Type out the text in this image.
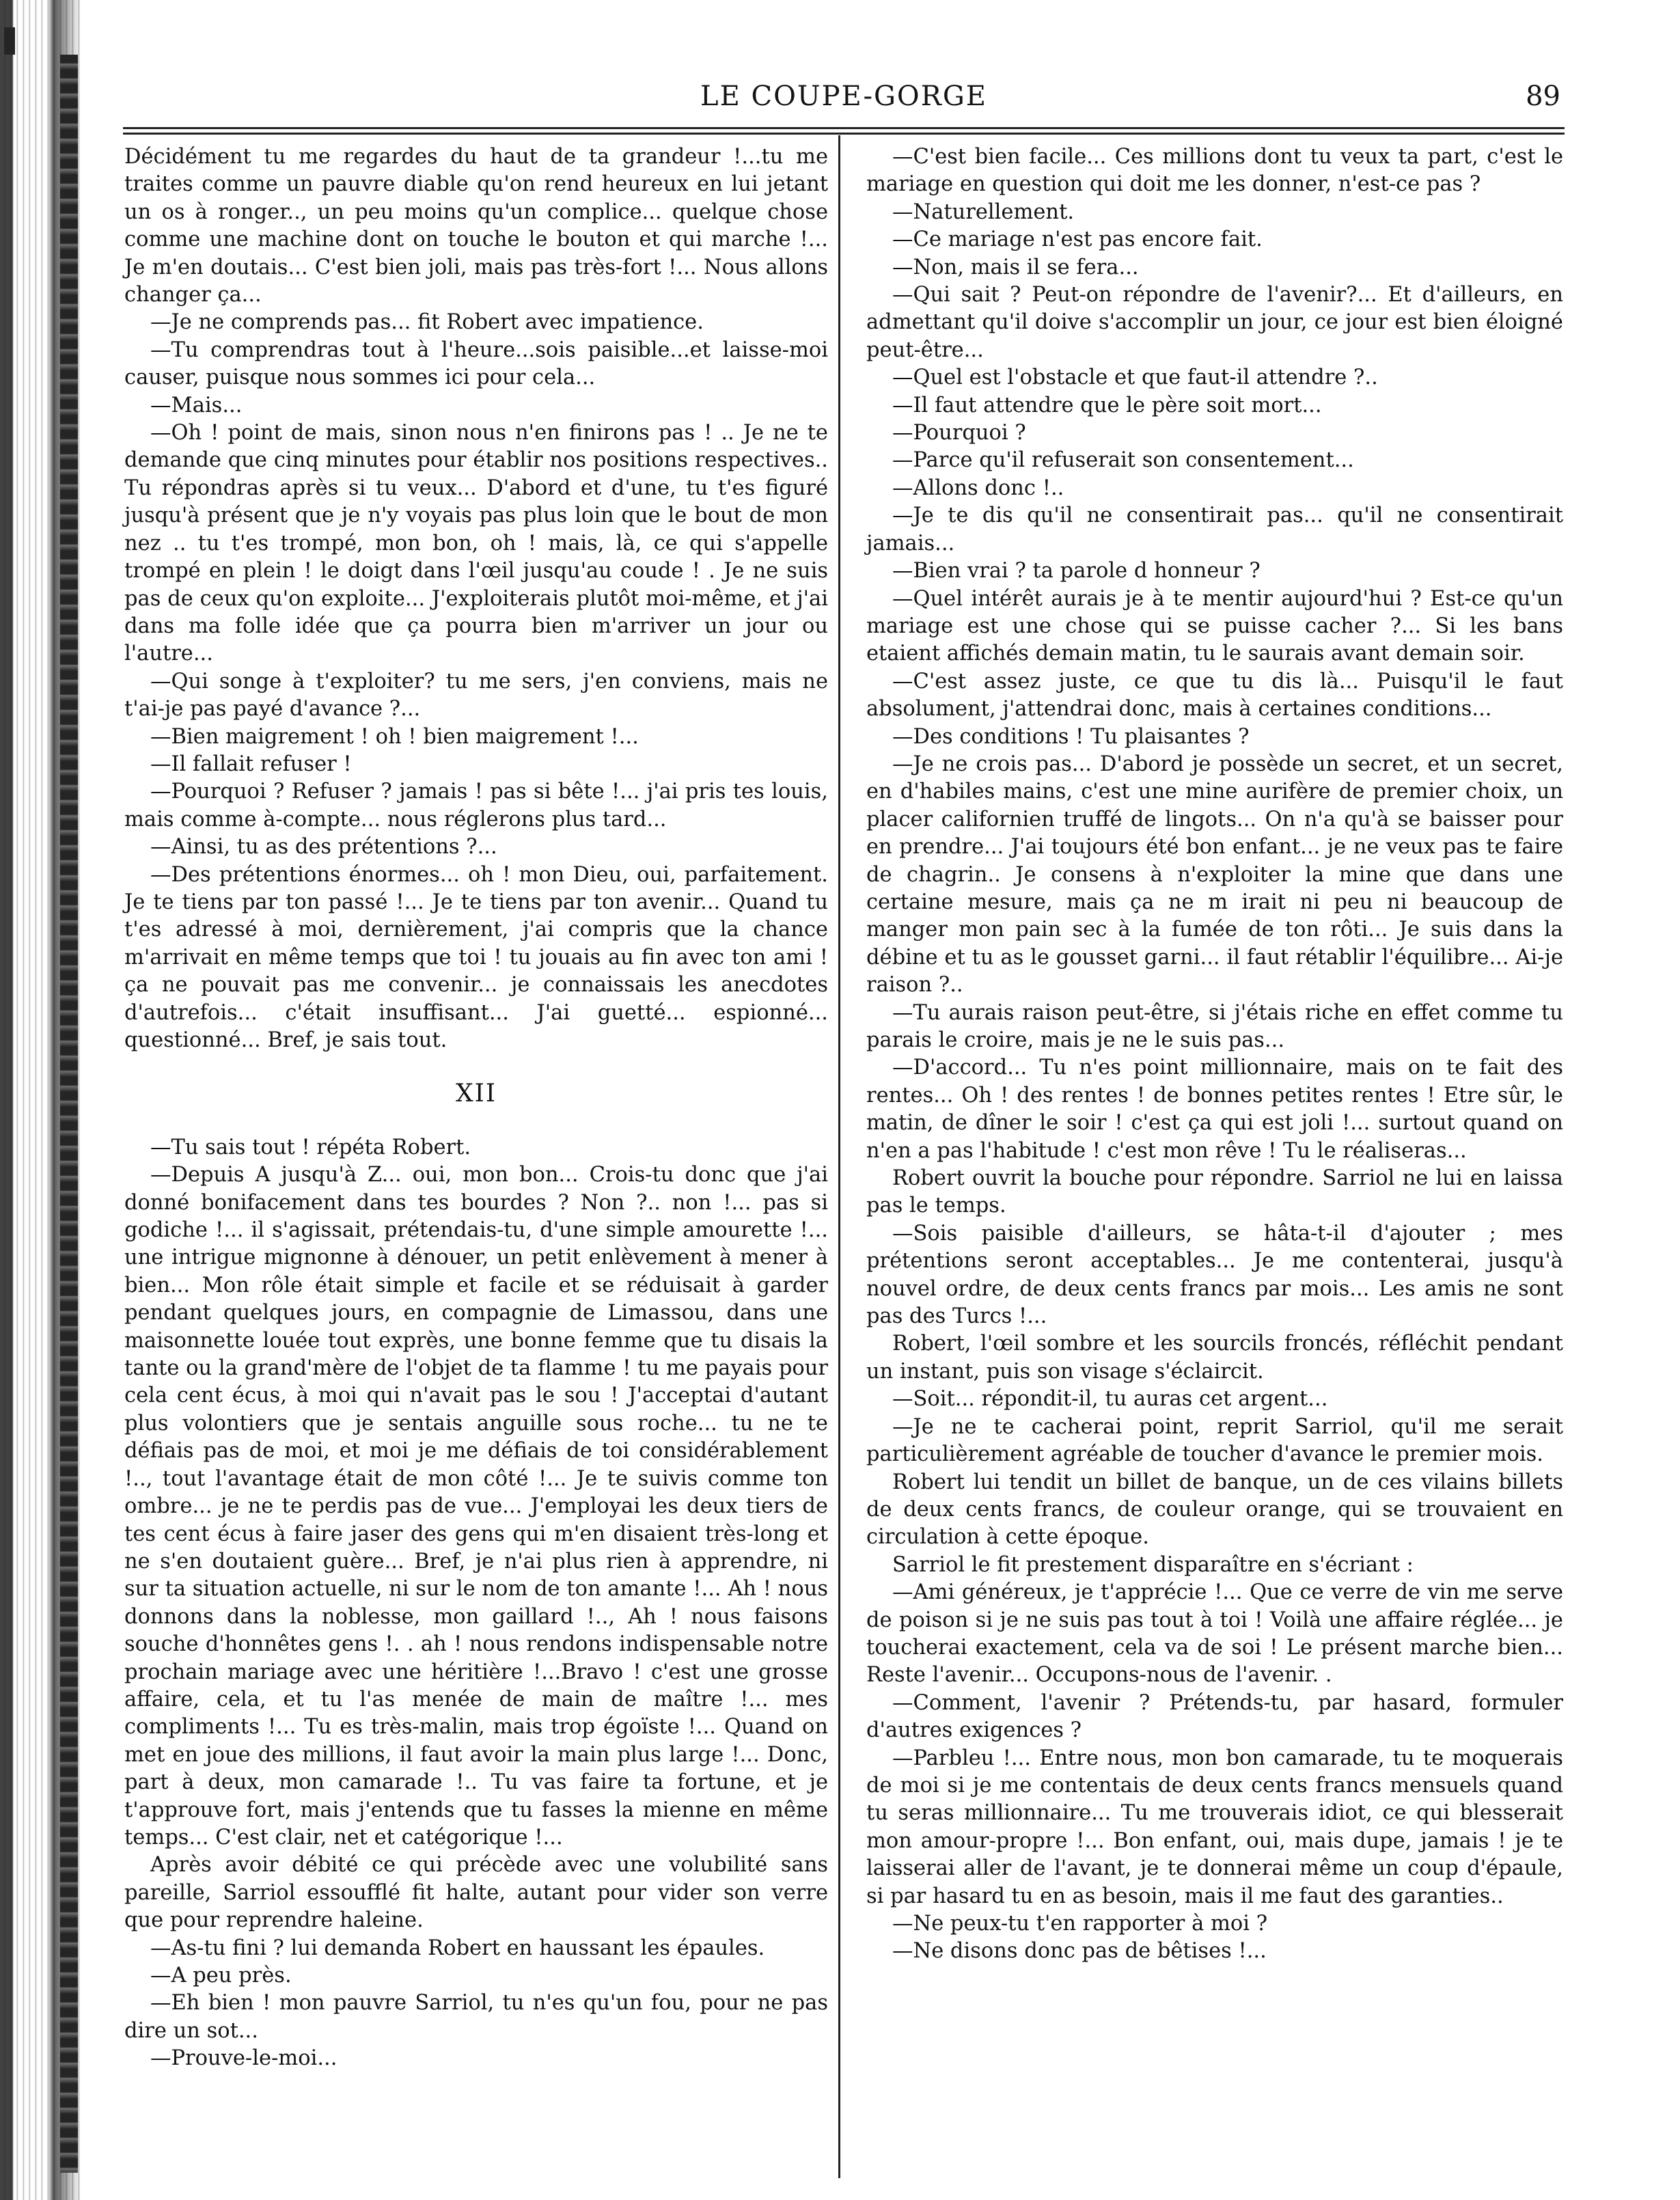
LE COUPE-GORGE	89

Décidément tu me regardes du haut de ta grandeur !...tu me traites comme un pauvre diable qu'on rend heureux en lui jetant un os à ronger.., un peu moins qu'un complice... quelque chose comme une machine dont on touche le bouton et qui marche !... Je m'en doutais... C'est bien joli, mais pas très-fort !... Nous allons changer ça...

—Je ne comprends pas... fit Robert avec impatience.

—Tu comprendras tout à l'heure...sois paisible...et laisse-moi causer, puisque nous sommes ici pour cela...

—Mais...

—Oh ! point de mais, sinon nous n'en finirons pas ! .. Je ne te demande que cinq minutes pour établir nos positions respectives.. Tu répondras après si tu veux... D'abord et d'une, tu t'es figuré jusqu'à présent que je n'y voyais pas plus loin que le bout de mon nez .. tu t'es trompé, mon bon, oh ! mais, là, ce qui s'appelle trompé en plein ! le doigt dans l'œil jusqu'au coude ! . Je ne suis pas de ceux qu'on exploite... J'exploiterais plutôt moi-même, et j'ai dans ma folle idée que ça pourra bien m'arriver un jour ou l'autre...

—Qui songe à t'exploiter? tu me sers, j'en conviens, mais ne t'ai-je pas payé d'avance ?...

—Bien maigrement ! oh ! bien maigrement !...

—Il fallait refuser !

—Pourquoi ? Refuser ? jamais ! pas si bête !... j'ai pris tes louis, mais comme à-compte... nous réglerons plus tard...

—Ainsi, tu as des prétentions ?...

—Des prétentions énormes... oh ! mon Dieu, oui, parfaitement. Je te tiens par ton passé !... Je te tiens par ton avenir... Quand tu t'es adressé à moi, dernièrement, j'ai compris que la chance m'arrivait en même temps que toi ! tu jouais au fin avec ton ami ! ça ne pouvait pas me convenir... je connaissais les anecdotes d'autrefois... c'était insuffisant... J'ai guetté... espionné... questionné... Bref, je sais tout.

XII

—Tu sais tout ! répéta Robert.

—Depuis A jusqu'à Z... oui, mon bon... Crois-tu donc que j'ai donné bonifacement dans tes bourdes ? Non ?.. non !... pas si godiche !... il s'agissait, prétendais-tu, d'une simple amourette !... une intrigue mignonne à dénouer, un petit enlèvement à mener à bien... Mon rôle était simple et facile et se réduisait à garder pendant quelques jours, en compagnie de Limassou, dans une maisonnette louée tout exprès, une bonne femme que tu disais la tante ou la grand'mère de l'objet de ta flamme ! tu me payais pour cela cent écus, à moi qui n'avait pas le sou ! J'acceptai d'autant plus volontiers que je sentais anguille sous roche... tu ne te défiais pas de moi, et moi je me défiais de toi considérablement !.., tout l'avantage était de mon côté !... Je te suivis comme ton ombre... je ne te perdis pas de vue... J'employai les deux tiers de tes cent écus à faire jaser des gens qui m'en disaient très-long et ne s'en doutaient guère... Bref, je n'ai plus rien à apprendre, ni sur ta situation actuelle, ni sur le nom de ton amante !... Ah ! nous donnons dans la noblesse, mon gaillard !.., Ah ! nous faisons souche d'honnêtes gens !. . ah ! nous rendons indispensable notre prochain mariage avec une héritière !...Bravo ! c'est une grosse affaire, cela, et tu l'as menée de main de maître !... mes compliments !... Tu es très-malin, mais trop égoïste !... Quand on met en joue des millions, il faut avoir la main plus large !... Donc, part à deux, mon camarade !.. Tu vas faire ta fortune, et je t'approuve fort, mais j'entends que tu fasses la mienne en même temps... C'est clair, net et catégorique !...

Après avoir débité ce qui précède avec une volubilité sans pareille, Sarriol essoufflé fit halte, autant pour vider son verre que pour reprendre haleine.

—As-tu fini ? lui demanda Robert en haussant les épaules.

—A peu près.

—Eh bien ! mon pauvre Sarriol, tu n'es qu'un fou, pour ne pas dire un sot...

—Prouve-le-moi...

—C'est bien facile... Ces millions dont tu veux ta part, c'est le mariage en question qui doit me les donner, n'est-ce pas ?

—Naturellement.

—Ce mariage n'est pas encore fait.

—Non, mais il se fera...

—Qui sait ? Peut-on répondre de l'avenir?... Et d'ailleurs, en admettant qu'il doive s'accomplir un jour, ce jour est bien éloigné peut-être...

—Quel est l'obstacle et que faut-il attendre ?..

—Il faut attendre que le père soit mort...

—Pourquoi ?

—Parce qu'il refuserait son consentement...

—Allons donc !..

—Je te dis qu'il ne consentirait pas... qu'il ne consentirait jamais...

—Bien vrai ? ta parole d honneur ?

—Quel intérêt aurais je à te mentir aujourd'hui ? Est-ce qu'un mariage est une chose qui se puisse cacher ?... Si les bans etaient affichés demain matin, tu le saurais avant demain soir.

—C'est assez juste, ce que tu dis là... Puisqu'il le faut absolument, j'attendrai donc, mais à certaines conditions...

—Des conditions ! Tu plaisantes ?

—Je ne crois pas... D'abord je possède un secret, et un secret, en d'habiles mains, c'est une mine aurifère de premier choix, un placer californien truffé de lingots... On n'a qu'à se baisser pour en prendre... J'ai toujours été bon enfant... je ne veux pas te faire de chagrin.. Je consens à n'exploiter la mine que dans une certaine mesure, mais ça ne m irait ni peu ni beaucoup de manger mon pain sec à la fumée de ton rôti... Je suis dans la débine et tu as le gousset garni... il faut rétablir l'équilibre... Ai-je raison ?..

—Tu aurais raison peut-être, si j'étais riche en effet comme tu parais le croire, mais je ne le suis pas...

—D'accord... Tu n'es point millionnaire, mais on te fait des rentes... Oh ! des rentes ! de bonnes petites rentes ! Etre sûr, le matin, de dîner le soir ! c'est ça qui est joli !... surtout quand on n'en a pas l'habitude ! c'est mon rêve ! Tu le réaliseras...

Robert ouvrit la bouche pour répondre. Sarriol ne lui en laissa pas le temps.

—Sois paisible d'ailleurs, se hâta-t-il d'ajouter ; mes prétentions seront acceptables... Je me contenterai, jusqu'à nouvel ordre, de deux cents francs par mois... Les amis ne sont pas des Turcs !...

Robert, l'œil sombre et les sourcils froncés, réfléchit pendant un instant, puis son visage s'éclaircit.

—Soit... répondit-il, tu auras cet argent...

—Je ne te cacherai point, reprit Sarriol, qu'il me serait particulièrement agréable de toucher d'avance le premier mois.

Robert lui tendit un billet de banque, un de ces vilains billets de deux cents francs, de couleur orange, qui se trouvaient en circulation à cette époque.

Sarriol le fit prestement disparaître en s'écriant :

—Ami généreux, je t'apprécie !... Que ce verre de vin me serve de poison si je ne suis pas tout à toi ! Voilà une affaire réglée... je toucherai exactement, cela va de soi ! Le présent marche bien... Reste l'avenir... Occupons-nous de l'avenir. .

—Comment, l'avenir ? Prétends-tu, par hasard, formuler d'autres exigences ?

—Parbleu !... Entre nous, mon bon camarade, tu te moquerais de moi si je me contentais de deux cents francs mensuels quand tu seras millionnaire... Tu me trouverais idiot, ce qui blesserait mon amour-propre !... Bon enfant, oui, mais dupe, jamais ! je te laisserai aller de l'avant, je te donnerai même un coup d'épaule, si par hasard tu en as besoin, mais il me faut des garanties..

—Ne peux-tu t'en rapporter à moi ?

—Ne disons donc pas de bêtises !...
